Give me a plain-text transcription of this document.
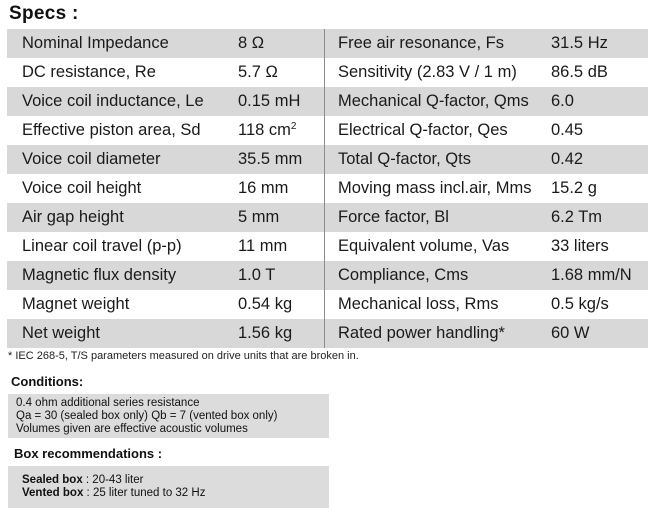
Specs :
Nominal Impedance	8 Ω	Free air resonance, Fs	31.5 Hz
DC resistance, Re	5.7 Ω	Sensitivity (2.83 V / 1 m)	86.5 dB
Voice coil inductance, Le	0.15 mH	Mechanical Q-factor, Qms	6.0
Effective piston area, Sd	118 $cm^2$	Electrical Q-factor, Qes	0.45
Voice coil diameter	35.5 mm	Total Q-factor, Qts	0.42
Voice coil height	16 mm	Moving mass incl.air, Mms	15.2 g
Air gap height	5 mm	Force factor, Bl	6.2 Tm
Linear coil travel (p-p)	11 mm	Equivalent volume, Vas	33 liters
Magnetic flux density	1.0 T	Compliance, Cms	1.68 mm/N
Magnet weight	0.54 kg	Mechanical loss, Rms	0.5 kg/s
Net weight	1.56 kg	Rated power handling*	60 W
* IEC 268-5, T/S parameters measured on drive units that are broken in.
Conditions:
0.4 ohm additional series resistance
Qa = 30 (sealed box only) Qb = 7 (vented box only)
Volumes given are effective acoustic volumes
Box recommendations :
Sealed box : 20-43 liter
Vented box : 25 liter tuned to 32 Hz
